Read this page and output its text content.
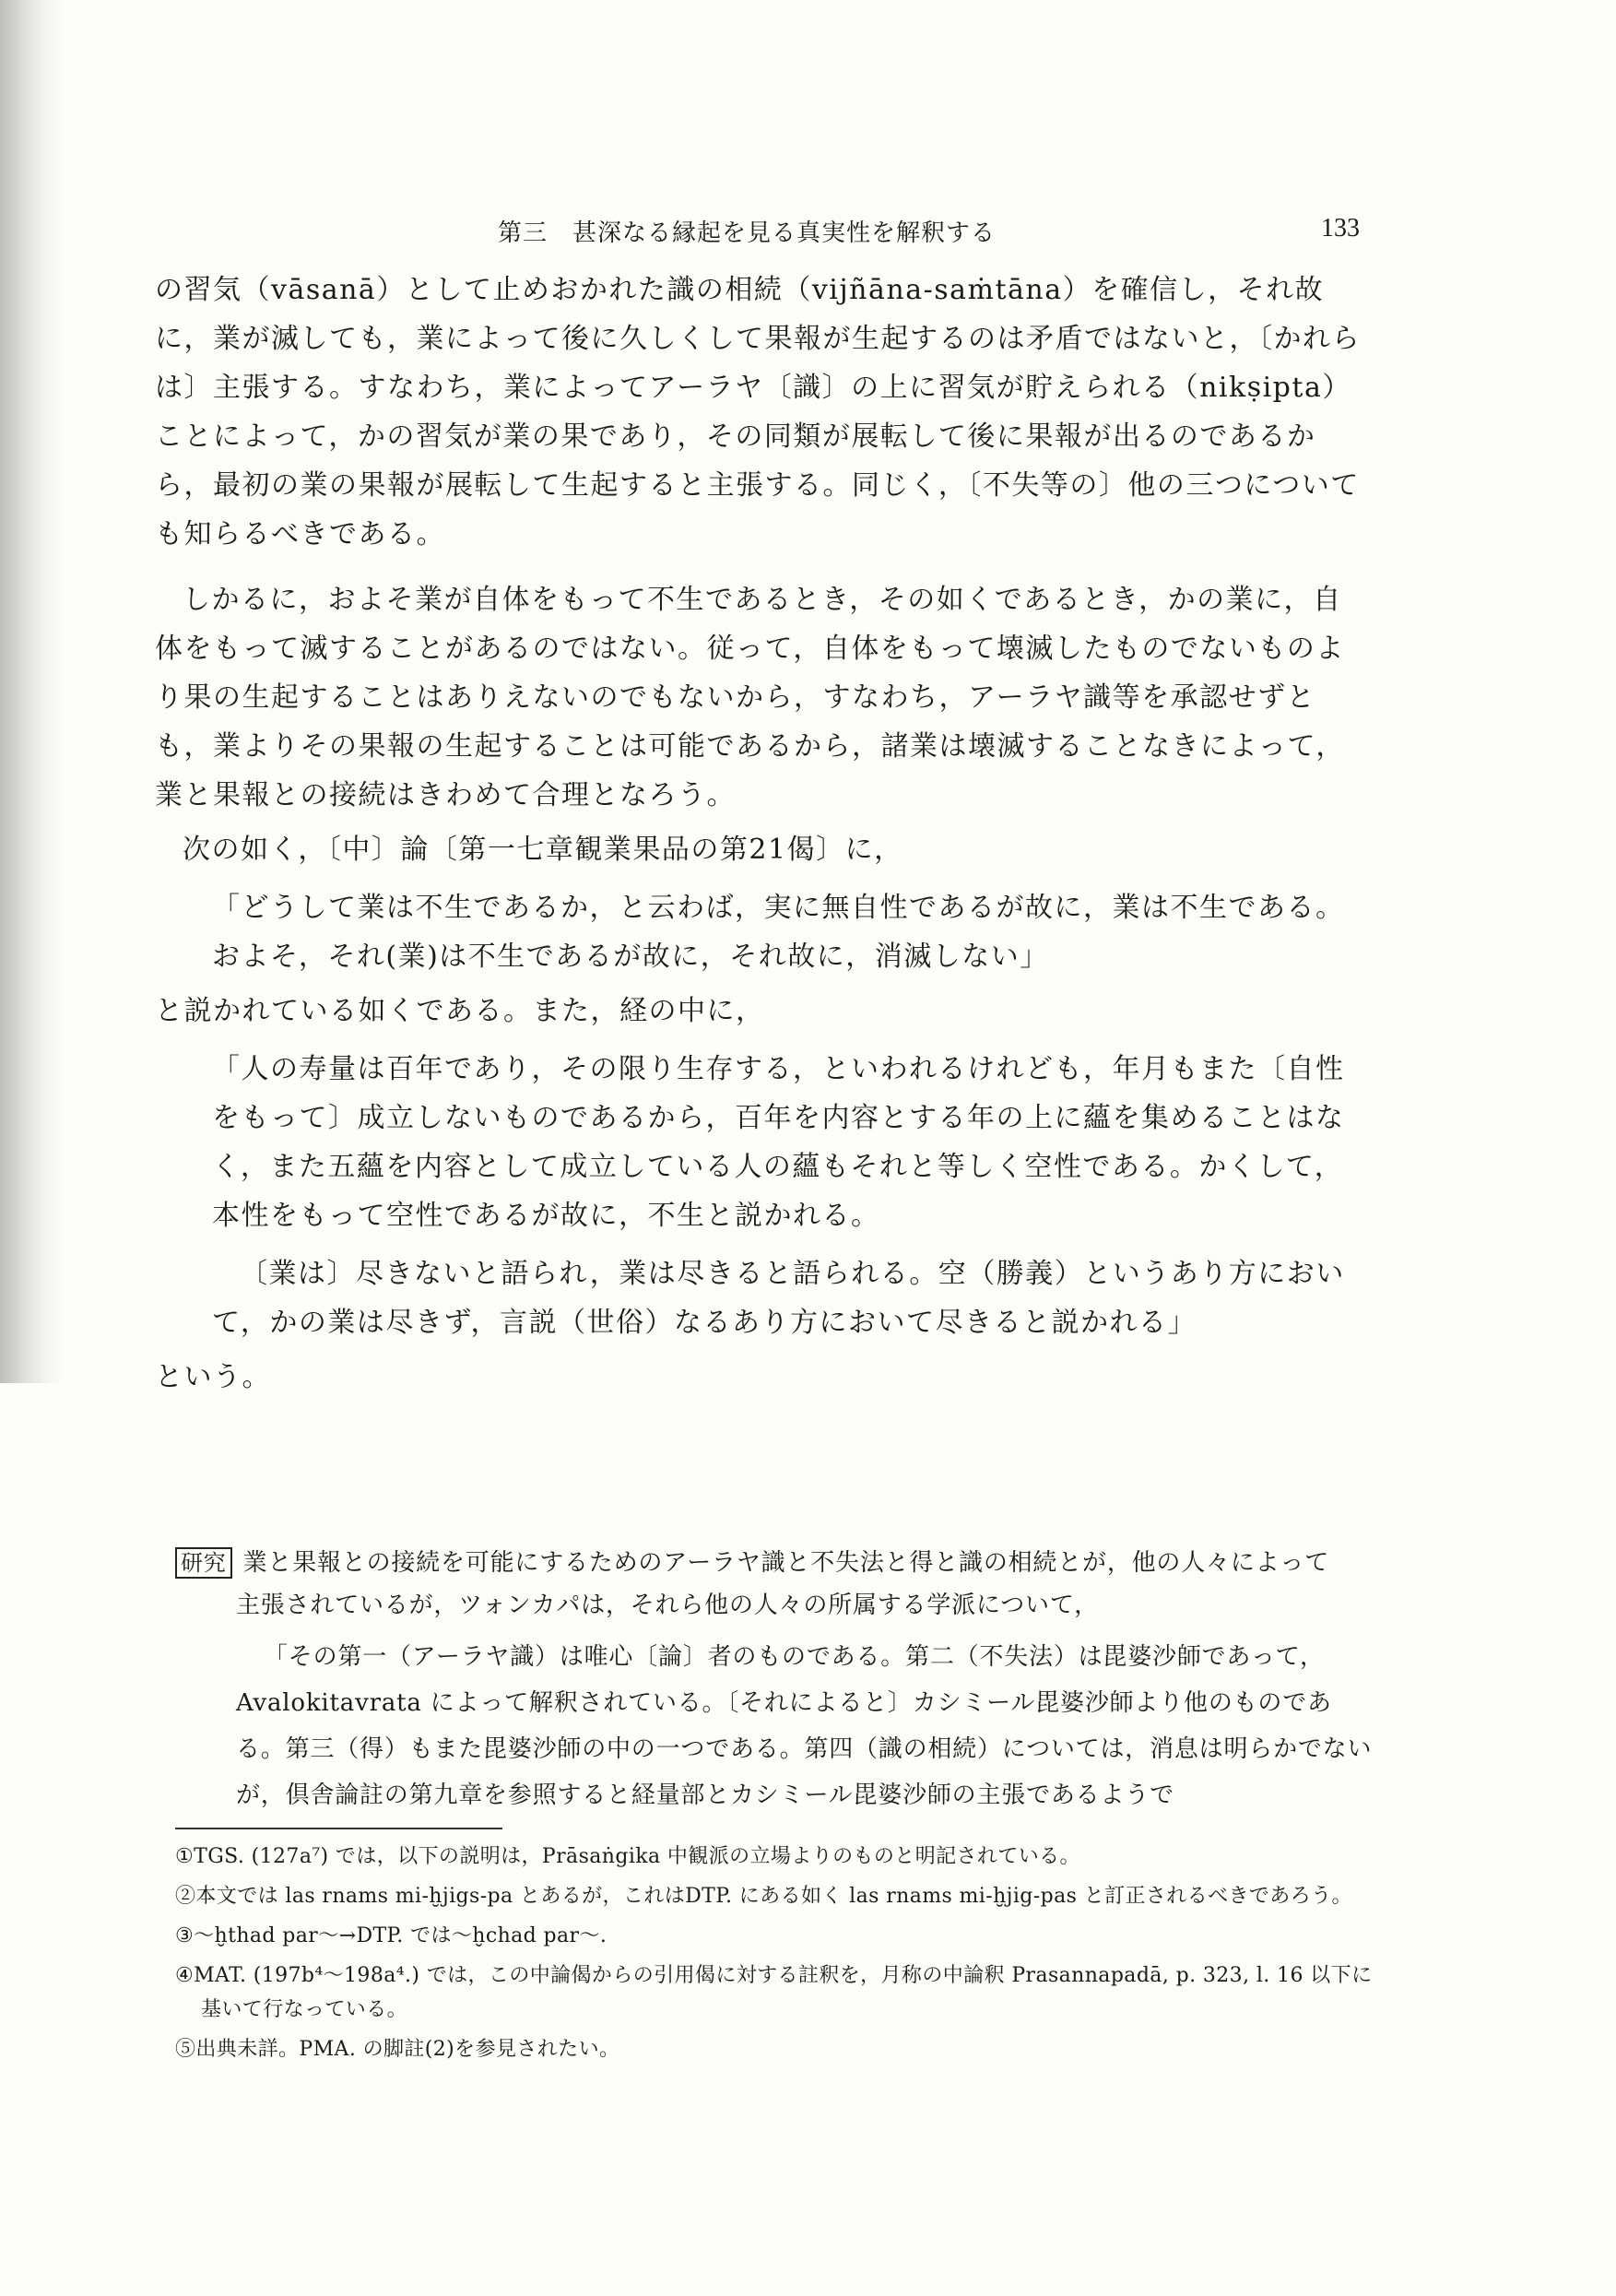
第三　甚深なる縁起を見る真実性を解釈する	133

の習気（vāsanā）として止めおかれた識の相続（vijñāna-saṁtāna）を確信し，それ故に，業が滅しても，業によって後に久しくして果報が生起するのは矛盾ではないと，〔かれらは〕主張する。すなわち，業によってアーラヤ〔識〕の上に習気が貯えられる（nikṣipta）ことによって，かの習気が業の果であり，その同類が展転して後に果報が出るのであるから，最初の業の果報が展転して生起すると主張する。同じく，〔不失等の〕他の三つについても知らるべきである。

しかるに，およそ業が自体をもって不生であるとき，その如くであるとき，かの業に，自体をもって滅することがあるのではない。従って，自体をもって壊滅したものでないものより果の生起することはありえないのでもないから，すなわち，アーラヤ識等を承認せずとも，業よりその果報の生起することは可能であるから，諸業は壊滅することなきによって，業と果報との接続はきわめて合理となろう。

次の如く，〔中〕論〔第一七章観業果品の第21偈〕に，

「どうして業は不生であるか，と云わば，実に無自性であるが故に，業は不生である。およそ，それ(業)は不生であるが故に，それ故に，消滅しない」

と説かれている如くである。また，経の中に，

「人の寿量は百年であり，その限り生存する，といわれるけれども，年月もまた〔自性をもって〕成立しないものであるから，百年を内容とする年の上に蘊を集めることはなく，また五蘊を内容として成立している人の蘊もそれと等しく空性である。かくして，本性をもって空性であるが故に，不生と説かれる。

〔業は〕尽きないと語られ，業は尽きると語られる。空（勝義）というあり方において，かの業は尽きず，言説（世俗）なるあり方において尽きると説かれる」

という。

研究 業と果報との接続を可能にするためのアーラヤ識と不失法と得と識の相続とが，他の人々によって

主張されているが，ツォンカパは，それら他の人々の所属する学派について，

「その第一（アーラヤ識）は唯心〔論〕者のものである。第二（不失法）は毘婆沙師であって，Avalokitavrata によって解釈されている。〔それによると〕カシミール毘婆沙師より他のものである。第三（得）もまた毘婆沙師の中の一つである。第四（識の相続）については，消息は明らかでないが，倶舎論註の第九章を参照すると経量部とカシミール毘婆沙師の主張であるようで

①TGS. (127a⁷) では，以下の説明は，Prāsaṅgika 中観派の立場よりのものと明記されている。

②本文では las rnams mi-ḫjigs-pa とあるが，これはDTP. にある如く las rnams mi-ḫjig-pas と訂正されるべきであろう。

③～ḫthad par～→DTP. では～ḫchad par～.

④MAT. (197b⁴～198a⁴.) では，この中論偈からの引用偈に対する註釈を，月称の中論釈 Prasannapadā, p. 323, l. 16 以下に基いて行なっている。

⑤出典未詳。PMA. の脚註(2)を参見されたい。
